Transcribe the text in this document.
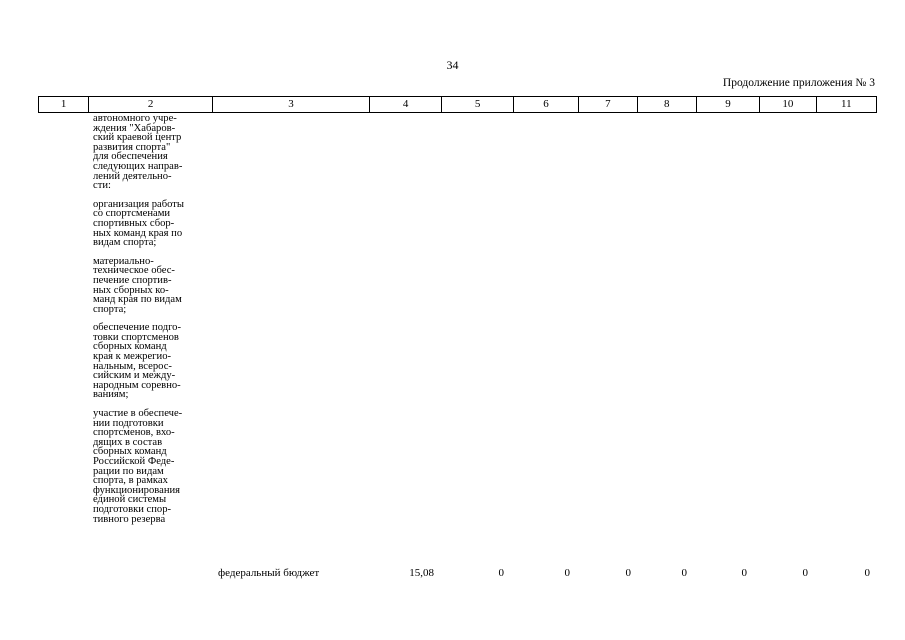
34
Продолжение приложения № 3
1	2	3	4	5	6	7	8	9	10	11

автономного учре-
ждения "Хабаров-
ский краевой центр
развития спорта"
для обеспечения
следующих направ-
лений деятельно-
сти:

организация работы
со спортсменами
спортивных сбор-
ных команд края по
видам спорта;

материально-
техническое обес-
печение спортив-
ных сборных ко-
манд края по видам
спорта;

обеспечение подго-
товки спортсменов
сборных команд
края к межрегио-
нальным, всерос-
сийским и между-
народным соревно-
ваниям;

участие в обеспече-
нии подготовки
спортсменов, вхо-
дящих в состав
сборных команд
Российской Феде-
рации по видам
спорта, в рамках
функционирования
единой системы
подготовки спор-
тивного резерва

федеральный бюджет	15,08	0	0	0	0	0	0	0
